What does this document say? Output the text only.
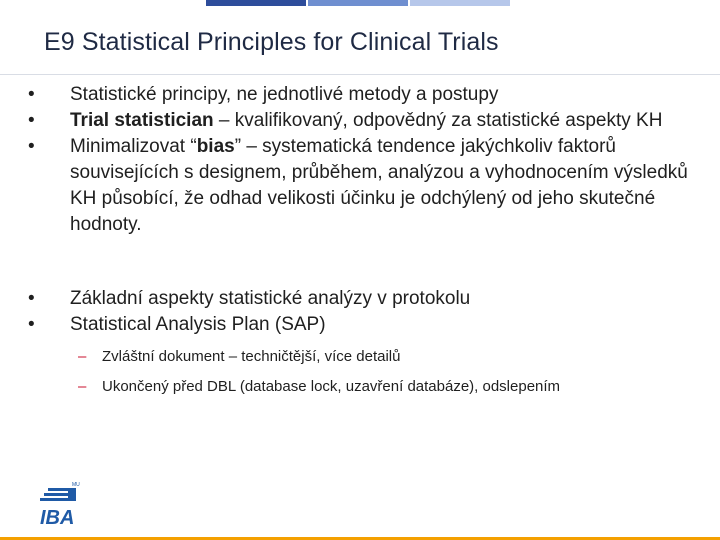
E9 Statistical Principles for Clinical Trials

•	Statistické principy, ne jednotlivé metody a postupy

•	Trial statistician – kvalifikovaný, odpovědný za statistické aspekty KH

•	Minimalizovat “bias” – systematická tendence jakýchkoliv faktorů souvisejících s designem, průběhem, analýzou a vyhodnocením výsledků KH působící, že odhad velikosti účinku je odchýlený od jeho skutečné hodnoty.

•	Základní aspekty statistické analýzy v protokolu

•	Statistical Analysis Plan (SAP)

– Zvláštní dokument – techničtější, více detailů
– Ukončený před DBL (database lock, uzavření databáze), odslepením
MU
IBA
